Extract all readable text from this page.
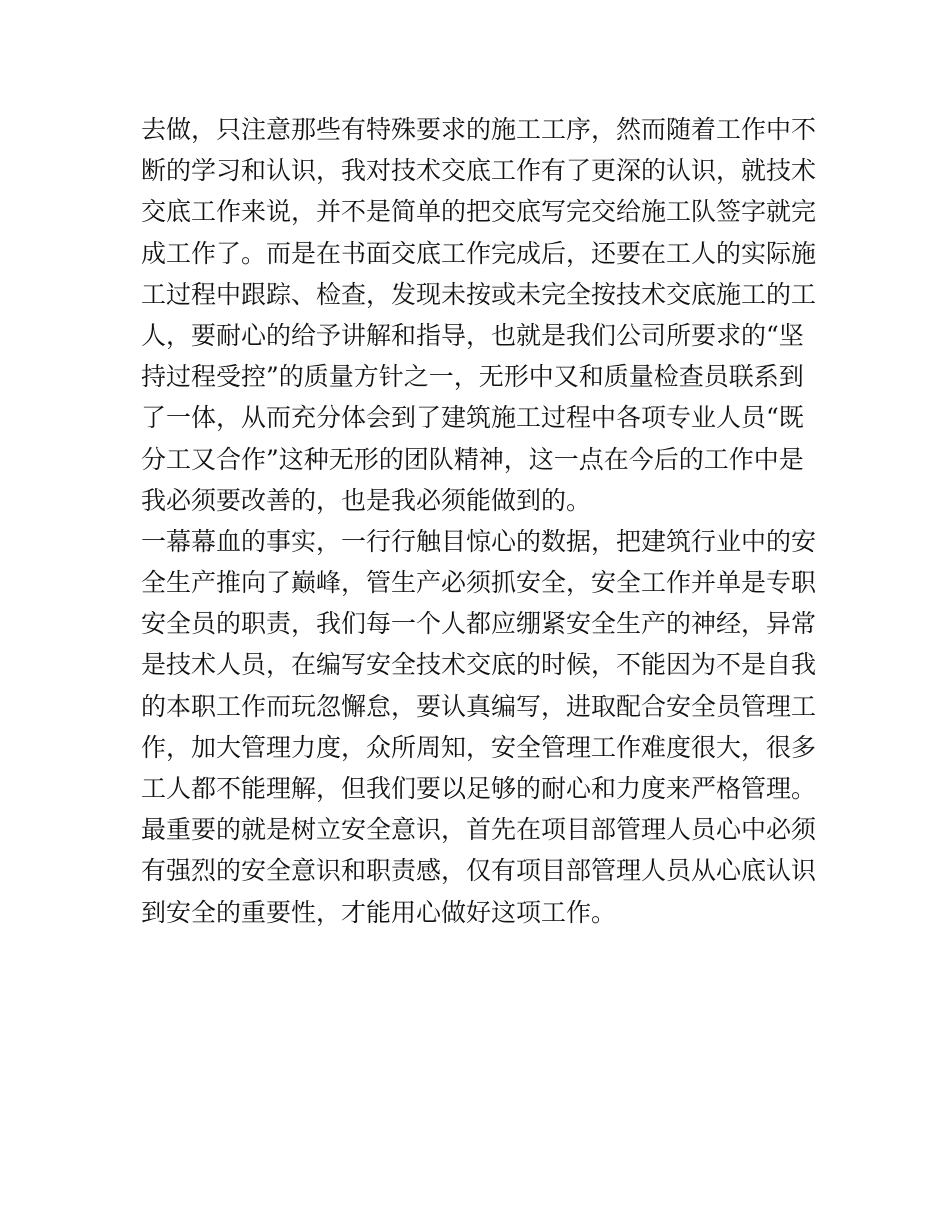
去做，只注意那些有特殊要求的施工工序，然而随着工作中不
断的学习和认识，我对技术交底工作有了更深的认识，就技术
交底工作来说，并不是简单的把交底写完交给施工队签字就完
成工作了。而是在书面交底工作完成后，还要在工人的实际施
工过程中跟踪、检查，发现未按或未完全按技术交底施工的工
人，要耐心的给予讲解和指导，也就是我们公司所要求的“坚
持过程受控”的质量方针之一，无形中又和质量检查员联系到
了一体，从而充分体会到了建筑施工过程中各项专业人员“既
分工又合作”这种无形的团队精神，这一点在今后的工作中是
我必须要改善的，也是我必须能做到的。
一幕幕血的事实，一行行触目惊心的数据，把建筑行业中的安
全生产推向了巅峰，管生产必须抓安全，安全工作并单是专职
安全员的职责，我们每一个人都应绷紧安全生产的神经，异常
是技术人员，在编写安全技术交底的时候，不能因为不是自我
的本职工作而玩忽懈怠，要认真编写，进取配合安全员管理工
作，加大管理力度，众所周知，安全管理工作难度很大，很多
工人都不能理解，但我们要以足够的耐心和力度来严格管理。
最重要的就是树立安全意识，首先在项目部管理人员心中必须
有强烈的安全意识和职责感，仅有项目部管理人员从心底认识
到安全的重要性，才能用心做好这项工作。
